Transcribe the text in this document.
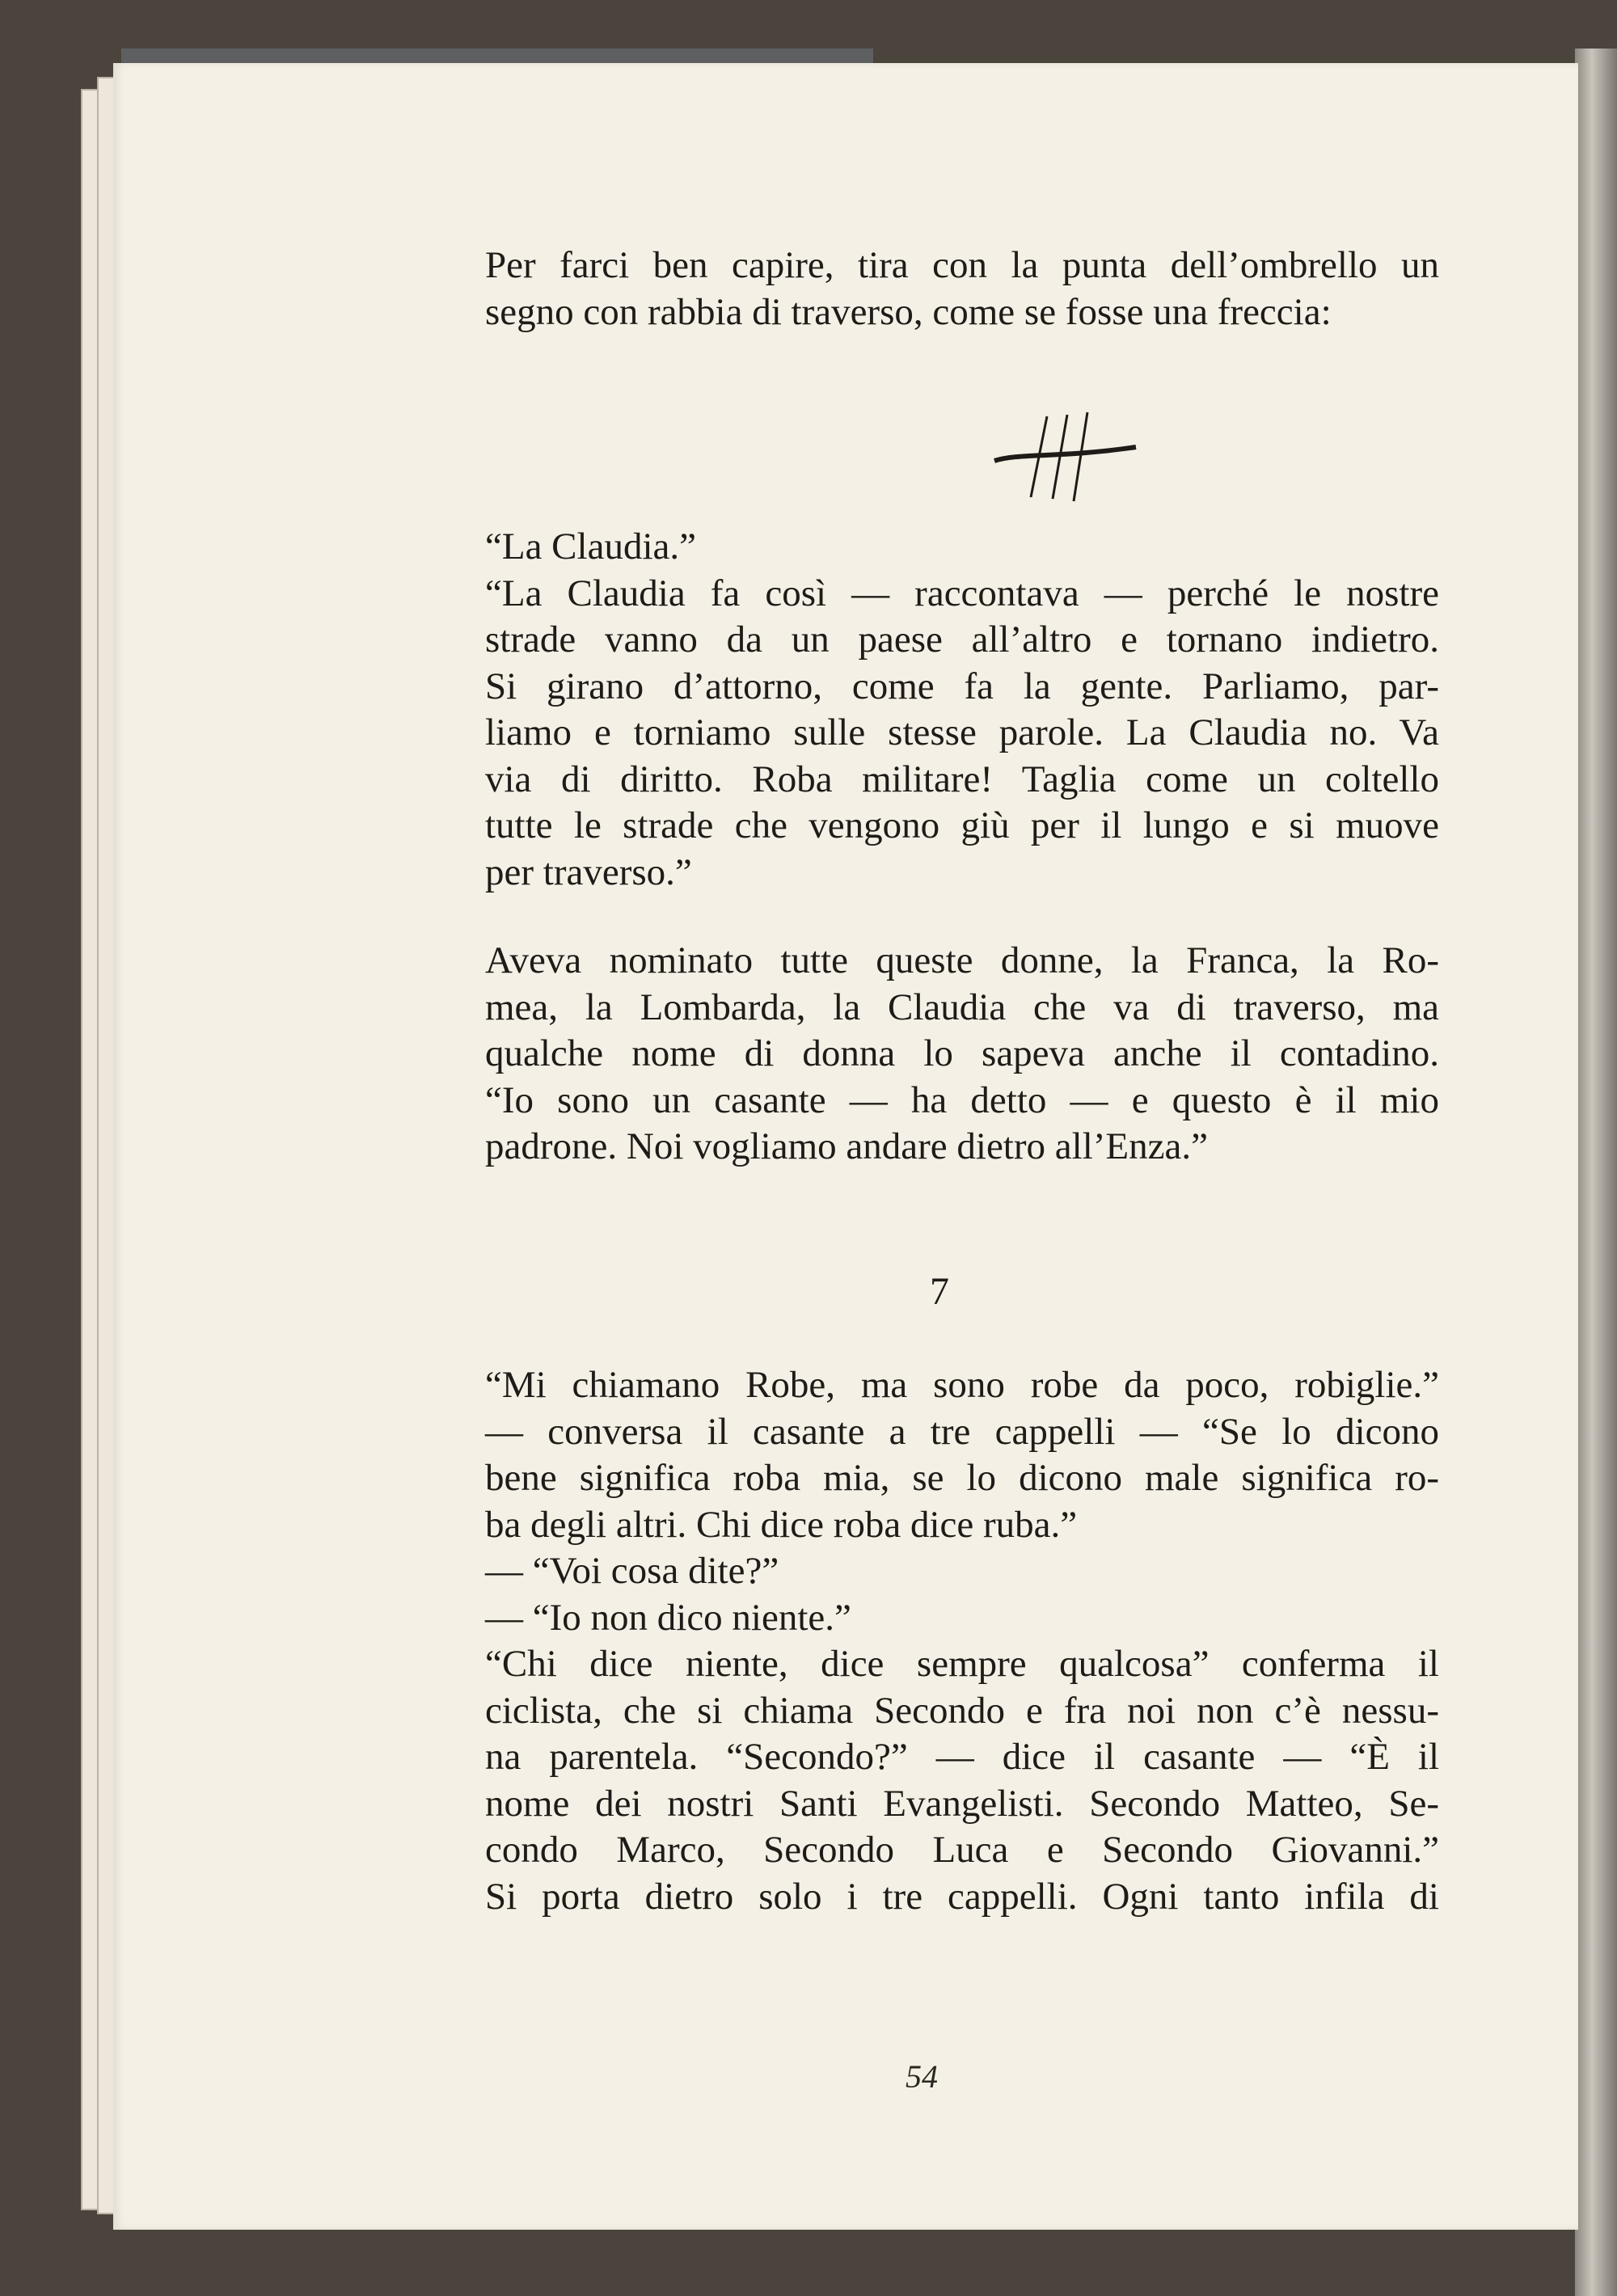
Per farci ben capire, tira con la punta dell’ombrello un
segno con rabbia di traverso, come se fosse una freccia:
“La Claudia.”
“La Claudia fa così — raccontava — perché le nostre
strade vanno da un paese all’altro e tornano indietro.
Si girano d’attorno, come fa la gente. Parliamo, par-
liamo e torniamo sulle stesse parole. La Claudia no. Va
via di diritto. Roba militare! Taglia come un coltello
tutte le strade che vengono giù per il lungo e si muove
per traverso.”
Aveva nominato tutte queste donne, la Franca, la Ro-
mea, la Lombarda, la Claudia che va di traverso, ma
qualche nome di donna lo sapeva anche il contadino.
“Io sono un casante — ha detto — e questo è il mio
padrone. Noi vogliamo andare dietro all’Enza.”
7
“Mi chiamano Robe, ma sono robe da poco, robiglie.”
— conversa il casante a tre cappelli — “Se lo dicono
bene significa roba mia, se lo dicono male significa ro-
ba degli altri. Chi dice roba dice ruba.”
— “Voi cosa dite?”
— “Io non dico niente.”
“Chi dice niente, dice sempre qualcosa” conferma il
ciclista, che si chiama Secondo e fra noi non c’è nessu-
na parentela. “Secondo?” — dice il casante — “È il
nome dei nostri Santi Evangelisti. Secondo Matteo, Se-
condo Marco, Secondo Luca e Secondo Giovanni.”
Si porta dietro solo i tre cappelli. Ogni tanto infila di
54
